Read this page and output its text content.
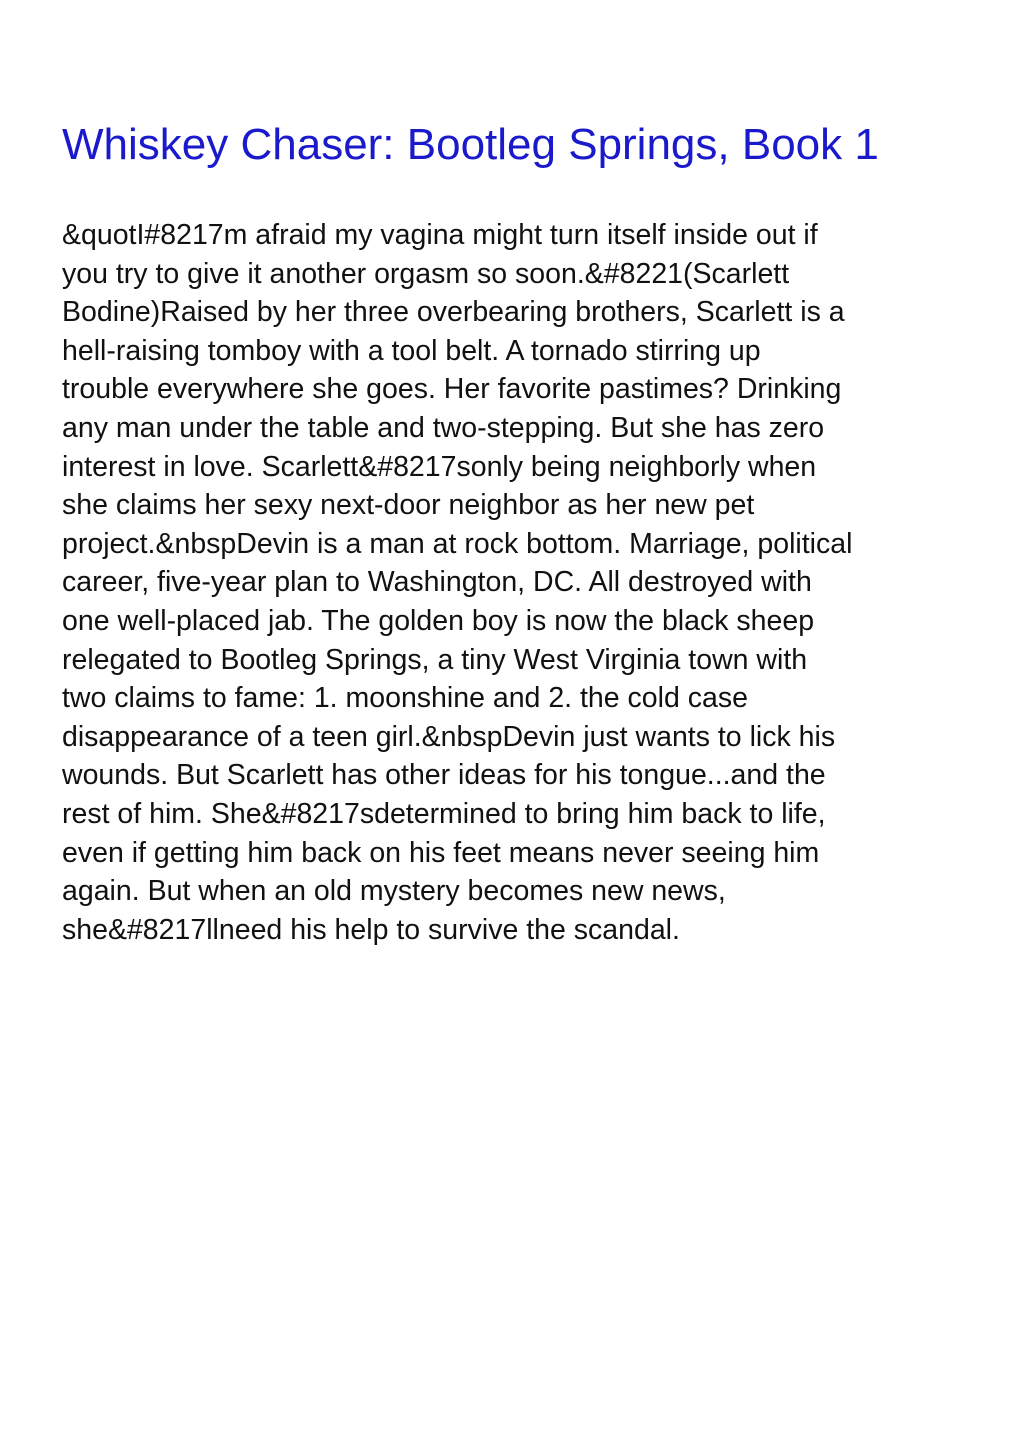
Whiskey Chaser: Bootleg Springs, Book 1
&quotI#8217m afraid my vagina might turn itself inside out if
you try to give it another orgasm so soon.&#8221(Scarlett
Bodine)Raised by her three overbearing brothers, Scarlett is a
hell-raising tomboy with a tool belt. A tornado stirring up
trouble everywhere she goes. Her favorite pastimes? Drinking
any man under the table and two-stepping. But she has zero
interest in love. Scarlett&#8217sonly being neighborly when
she claims her sexy next-door neighbor as her new pet
project.&nbspDevin is a man at rock bottom. Marriage, political
career, five-year plan to Washington, DC. All destroyed with
one well-placed jab. The golden boy is now the black sheep
relegated to Bootleg Springs, a tiny West Virginia town with
two claims to fame: 1. moonshine and 2. the cold case
disappearance of a teen girl.&nbspDevin just wants to lick his
wounds. But Scarlett has other ideas for his tongue...and the
rest of him. She&#8217sdetermined to bring him back to life,
even if getting him back on his feet means never seeing him
again. But when an old mystery becomes new news,
she&#8217llneed his help to survive the scandal.
